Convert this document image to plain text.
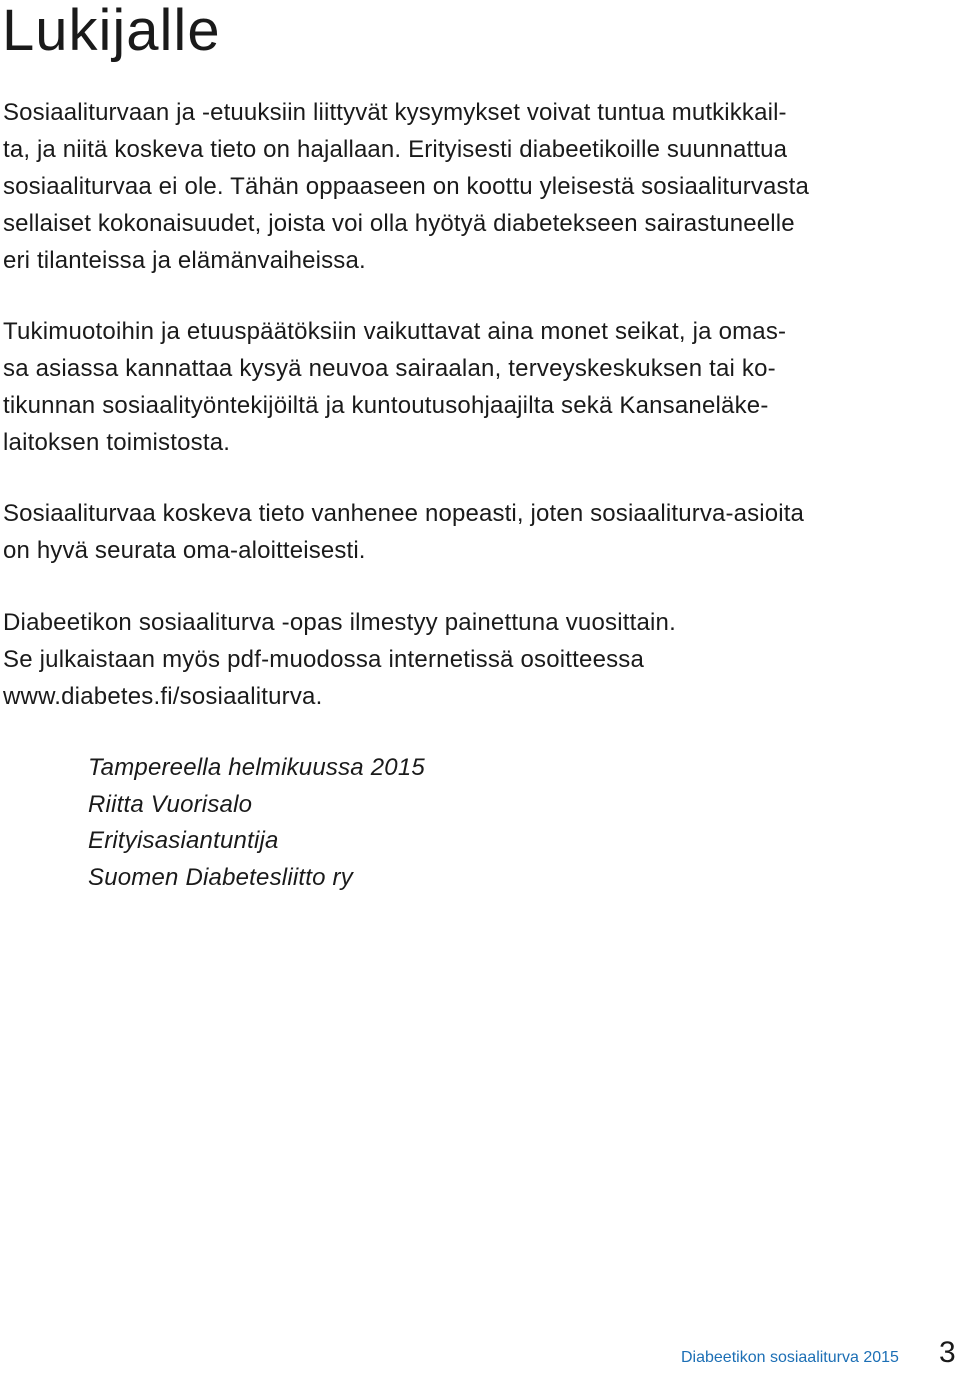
Lukijalle

Sosiaaliturvaan ja -etuuksiin liittyvät kysymykset voivat tuntua mutkikkail-
ta, ja niitä koskeva tieto on hajallaan. Erityisesti diabeetikoille suunnattua
sosiaaliturvaa ei ole. Tähän oppaaseen on koottu yleisestä sosiaaliturvasta
sellaiset kokonaisuudet, joista voi olla hyötyä diabetekseen sairastuneelle
eri tilanteissa ja elämänvaiheissa.

Tukimuotoihin ja etuuspäätöksiin vaikuttavat aina monet seikat, ja omas-
sa asiassa kannattaa kysyä neuvoa sairaalan, terveyskeskuksen tai ko-
tikunnan sosiaalityöntekijöiltä ja kuntoutusohjaajilta sekä Kansaneläke-
laitoksen toimistosta.

Sosiaaliturvaa koskeva tieto vanhenee nopeasti, joten sosiaaliturva-asioita
on hyvä seurata oma-aloitteisesti.

Diabeetikon sosiaaliturva -opas ilmestyy painettuna vuosittain.
Se julkaistaan myös pdf-muodossa internetissä osoitteessa
www.diabetes.fi/sosiaaliturva.

Tampereella helmikuussa 2015
Riitta Vuorisalo
Erityisasiantuntija
Suomen Diabetesliitto ry
Diabeetikon sosiaaliturva 2015 3
